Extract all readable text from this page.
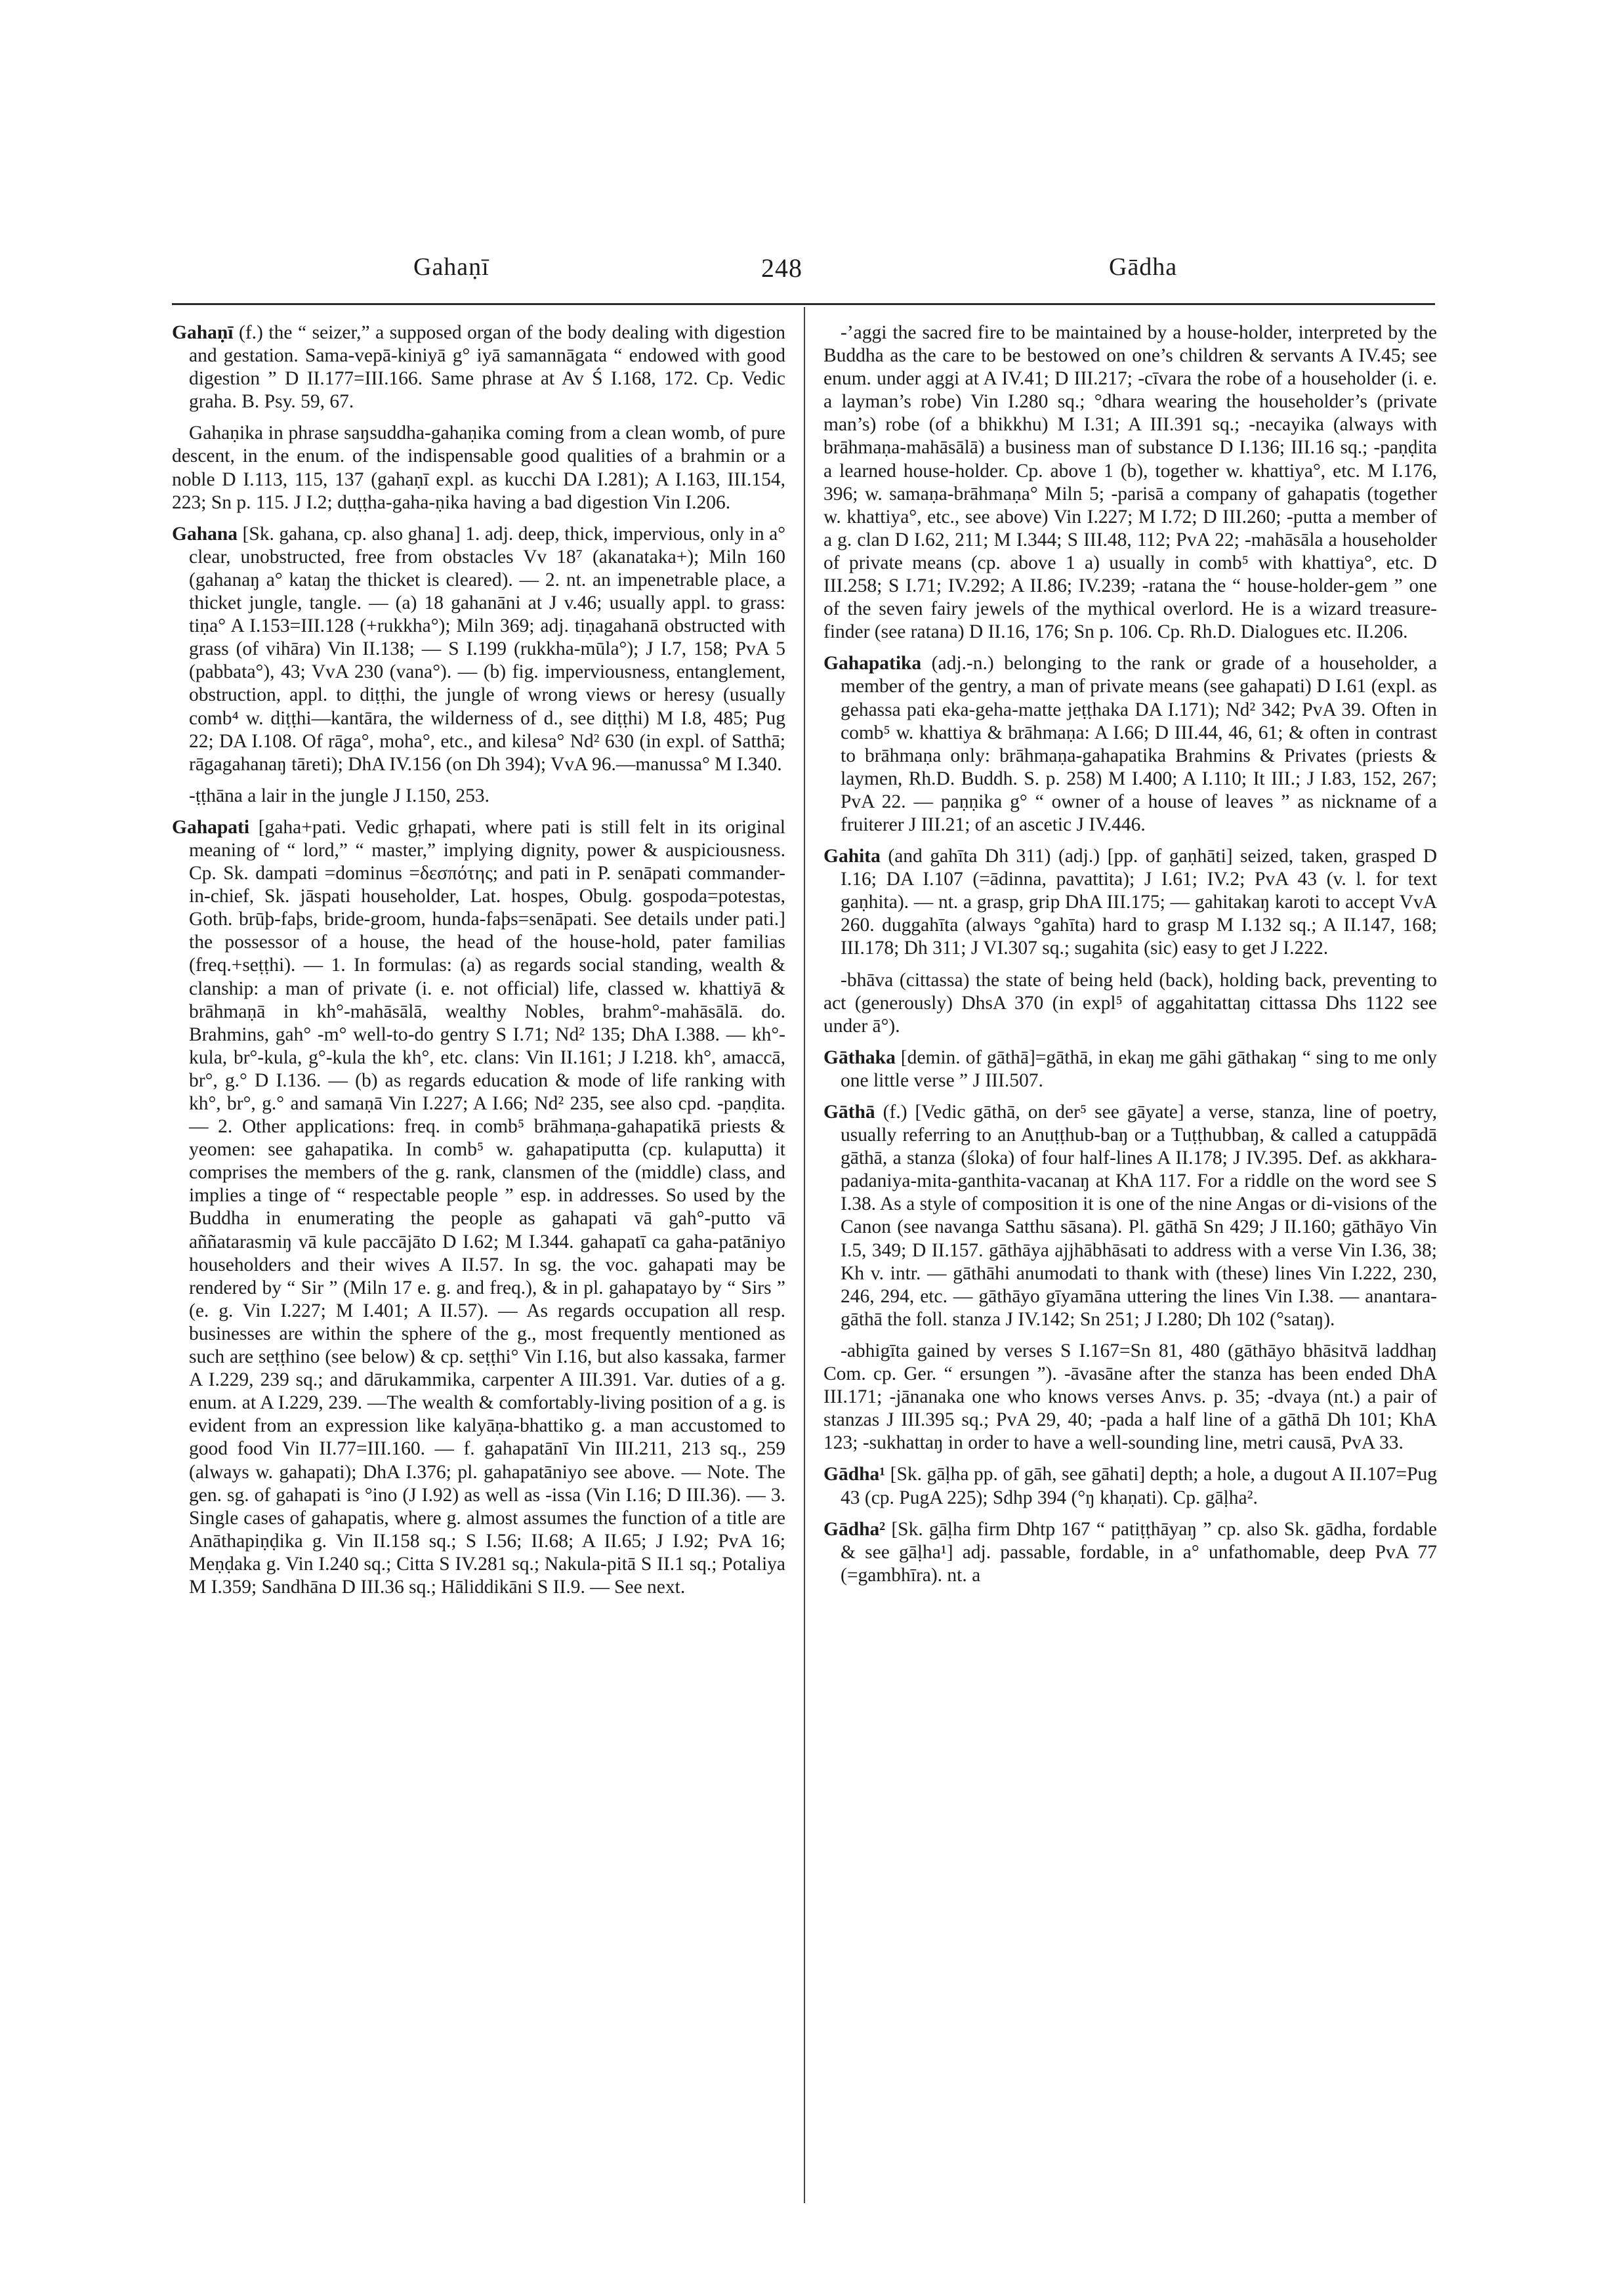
Gahaṇī	248	Gādha

Gahaṇī (f.) the “ seizer,” a supposed organ of the body dealing with digestion and gestation. Sama-vepā-kiniyā g° iyā samannāgata “ endowed with good digestion ” D II.177=III.166. Same phrase at Av Ś I.168, 172. Cp. Vedic graha. B. Psy. 59, 67.

Gahaṇika in phrase saŋsuddha-gahaṇika coming from a clean womb, of pure descent, in the enum. of the indispensable good qualities of a brahmin or a noble D I.113, 115, 137 (gahaṇī expl. as kucchi DA I.281); A I.163, III.154, 223; Sn p. 115. J I.2; duṭṭha-gaha-ṇika having a bad digestion Vin I.206.

Gahana [Sk. gahana, cp. also ghana] 1. adj. deep, thick, impervious, only in a° clear, unobstructed, free from obstacles Vv 18⁷ (akanataka+); Miln 160 (gahanaŋ a° kataŋ the thicket is cleared). — 2. nt. an impenetrable place, a thicket jungle, tangle. — (a) 18 gahanāni at J v.46; usually appl. to grass: tiṇa° A I.153=III.128 (+rukkha°); Miln 369; adj. tiṇagahanā obstructed with grass (of vihāra) Vin II.138; — S I.199 (rukkha-mūla°); J I.7, 158; PvA 5 (pabbata°), 43; VvA 230 (vana°). — (b) fig. imperviousness, entanglement, obstruction, appl. to diṭṭhi, the jungle of wrong views or heresy (usually comb⁴ w. diṭṭhi—kantāra, the wilderness of d., see diṭṭhi) M I.8, 485; Pug 22; DA I.108. Of rāga°, moha°, etc., and kilesa° Nd² 630 (in expl. of Satthā; rāgagahanaŋ tāreti); DhA IV.156 (on Dh 394); VvA 96.—manussa° M I.340.

-ṭṭhāna a lair in the jungle J I.150, 253.

Gahapati [gaha+pati. Vedic gṛhapati, where pati is still felt in its original meaning of “ lord,” “ master,” implying dignity, power & auspiciousness. Cp. Sk. dampati =dominus =δεσπότης; and pati in P. senāpati commander-in-chief, Sk. jāspati householder, Lat. hospes, Obulg. gospoda=potestas, Goth. brūþ-faþs, bride-groom, hunda-faþs=senāpati. See details under pati.] the possessor of a house, the head of the house-hold, pater familias (freq.+seṭṭhi). — 1. In formulas: (a) as regards social standing, wealth & clanship: a man of private (i. e. not official) life, classed w. khattiyā & brāhmaṇā in kh°-mahāsālā, wealthy Nobles, brahm°-mahāsālā. do. Brahmins, gah° -m° well-to-do gentry S I.71; Nd² 135; DhA I.388. — kh°-kula, br°-kula, g°-kula the kh°, etc. clans: Vin II.161; J I.218. kh°, amaccā, br°, g.° D I.136. — (b) as regards education & mode of life ranking with kh°, br°, g.° and samaṇā Vin I.227; A I.66; Nd² 235, see also cpd. -paṇḍita.— 2. Other applications: freq. in comb⁵ brāhmaṇa-gahapatikā priests & yeomen: see gahapatika. In comb⁵ w. gahapatiputta (cp. kulaputta) it comprises the members of the g. rank, clansmen of the (middle) class, and implies a tinge of “ respectable people ” esp. in addresses. So used by the Buddha in enumerating the people as gahapati vā gah°-putto vā aññatarasmiŋ vā kule paccājāto D I.62; M I.344. gahapatī ca gaha-patāniyo householders and their wives A II.57. In sg. the voc. gahapati may be rendered by “ Sir ” (Miln 17 e. g. and freq.), & in pl. gahapatayo by “ Sirs ” (e. g. Vin I.227; M I.401; A II.57). — As regards occupation all resp. businesses are within the sphere of the g., most frequently mentioned as such are seṭṭhino (see below) & cp. seṭṭhi° Vin I.16, but also kassaka, farmer A I.229, 239 sq.; and dārukammika, carpenter A III.391. Var. duties of a g. enum. at A I.229, 239. —The wealth & comfortably-living position of a g. is evident from an expression like kalyāṇa-bhattiko g. a man accustomed to good food Vin II.77=III.160. — f. gahapatānī Vin III.211, 213 sq., 259 (always w. gahapati); DhA I.376; pl. gahapatāniyo see above. — Note. The gen. sg. of gahapati is °ino (J I.92) as well as -issa (Vin I.16; D III.36). — 3. Single cases of gahapatis, where g. almost assumes the function of a title are Anāthapiṇḍika g. Vin II.158 sq.; S I.56; II.68; A II.65; J I.92; PvA 16; Meṇḍaka g. Vin I.240 sq.; Citta S IV.281 sq.; Nakula-pitā S II.1 sq.; Potaliya M I.359; Sandhāna D III.36 sq.; Hāliddikāni S II.9. — See next.

-’aggi the sacred fire to be maintained by a house-holder, interpreted by the Buddha as the care to be bestowed on one’s children & servants A IV.45; see enum. under aggi at A IV.41; D III.217; -cīvara the robe of a householder (i. e. a layman’s robe) Vin I.280 sq.; °dhara wearing the householder’s (private man’s) robe (of a bhikkhu) M I.31; A III.391 sq.; -necayika (always with brāhmaṇa-mahāsālā) a business man of substance D I.136; III.16 sq.; -paṇḍita a learned house-holder. Cp. above 1 (b), together w. khattiya°, etc. M I.176, 396; w. samaṇa-brāhmaṇa° Miln 5; -parisā a company of gahapatis (together w. khattiya°, etc., see above) Vin I.227; M I.72; D III.260; -putta a member of a g. clan D I.62, 211; M I.344; S III.48, 112; PvA 22; -mahāsāla a householder of private means (cp. above 1 a) usually in comb⁵ with khattiya°, etc. D III.258; S I.71; IV.292; A II.86; IV.239; -ratana the “ house-holder-gem ” one of the seven fairy jewels of the mythical overlord. He is a wizard treasure-finder (see ratana) D II.16, 176; Sn p. 106. Cp. Rh.D. Dialogues etc. II.206.

Gahapatika (adj.-n.) belonging to the rank or grade of a householder, a member of the gentry, a man of private means (see gahapati) D I.61 (expl. as gehassa pati eka-geha-matte jeṭṭhaka DA I.171); Nd² 342; PvA 39. Often in comb⁵ w. khattiya & brāhmaṇa: A I.66; D III.44, 46, 61; & often in contrast to brāhmaṇa only: brāhmaṇa-gahapatika Brahmins & Privates (priests & laymen, Rh.D. Buddh. S. p. 258) M I.400; A I.110; It III.; J I.83, 152, 267; PvA 22. — paṇṇika g° “ owner of a house of leaves ” as nickname of a fruiterer J III.21; of an ascetic J IV.446.

Gahita (and gahīta Dh 311) (adj.) [pp. of gaṇhāti] seized, taken, grasped D I.16; DA I.107 (=ādinna, pavattita); J I.61; IV.2; PvA 43 (v. l. for text gaṇhita). — nt. a grasp, grip DhA III.175; — gahitakaŋ karoti to accept VvA 260. duggahīta (always °gahīta) hard to grasp M I.132 sq.; A II.147, 168; III.178; Dh 311; J VI.307 sq.; sugahita (sic) easy to get J I.222.

-bhāva (cittassa) the state of being held (back), holding back, preventing to act (generously) DhsA 370 (in expl⁵ of aggahitattaŋ cittassa Dhs 1122 see under ā°).

Gāthaka [demin. of gāthā]=gāthā, in ekaŋ me gāhi gāthakaŋ “ sing to me only one little verse ” J III.507.

Gāthā (f.) [Vedic gāthā, on der⁵ see gāyate] a verse, stanza, line of poetry, usually referring to an Anuṭṭhub-baŋ or a Tuṭṭhubbaŋ, & called a catuppādā gāthā, a stanza (śloka) of four half-lines A II.178; J IV.395. Def. as akkhara-padaniya-mita-ganthita-vacanaŋ at KhA 117. For a riddle on the word see S I.38. As a style of composition it is one of the nine Angas or di-visions of the Canon (see navanga Satthu sāsana). Pl. gāthā Sn 429; J II.160; gāthāyo Vin I.5, 349; D II.157. gāthāya ajjhābhāsati to address with a verse Vin I.36, 38; Kh v. intr. — gāthāhi anumodati to thank with (these) lines Vin I.222, 230, 246, 294, etc. — gāthāyo gīyamāna uttering the lines Vin I.38. — anantara-gāthā the foll. stanza J IV.142; Sn 251; J I.280; Dh 102 (°sataŋ).

-abhigīta gained by verses S I.167=Sn 81, 480 (gāthāyo bhāsitvā laddhaŋ Com. cp. Ger. “ ersungen ”). -āvasāne after the stanza has been ended DhA III.171; -jānanaka one who knows verses Anvs. p. 35; -dvaya (nt.) a pair of stanzas J III.395 sq.; PvA 29, 40; -pada a half line of a gāthā Dh 101; KhA 123; -sukhattaŋ in order to have a well-sounding line, metri causā, PvA 33.

Gādha¹ [Sk. gāḷha pp. of gāh, see gāhati] depth; a hole, a dugout A II.107=Pug 43 (cp. PugA 225); Sdhp 394 (°ŋ khaṇati). Cp. gāḷha².

Gādha² [Sk. gāḷha firm Dhtp 167 “ patiṭṭhāyaŋ ” cp. also Sk. gādha, fordable & see gāḷha¹] adj. passable, fordable, in a° unfathomable, deep PvA 77 (=gambhīra). nt. a
